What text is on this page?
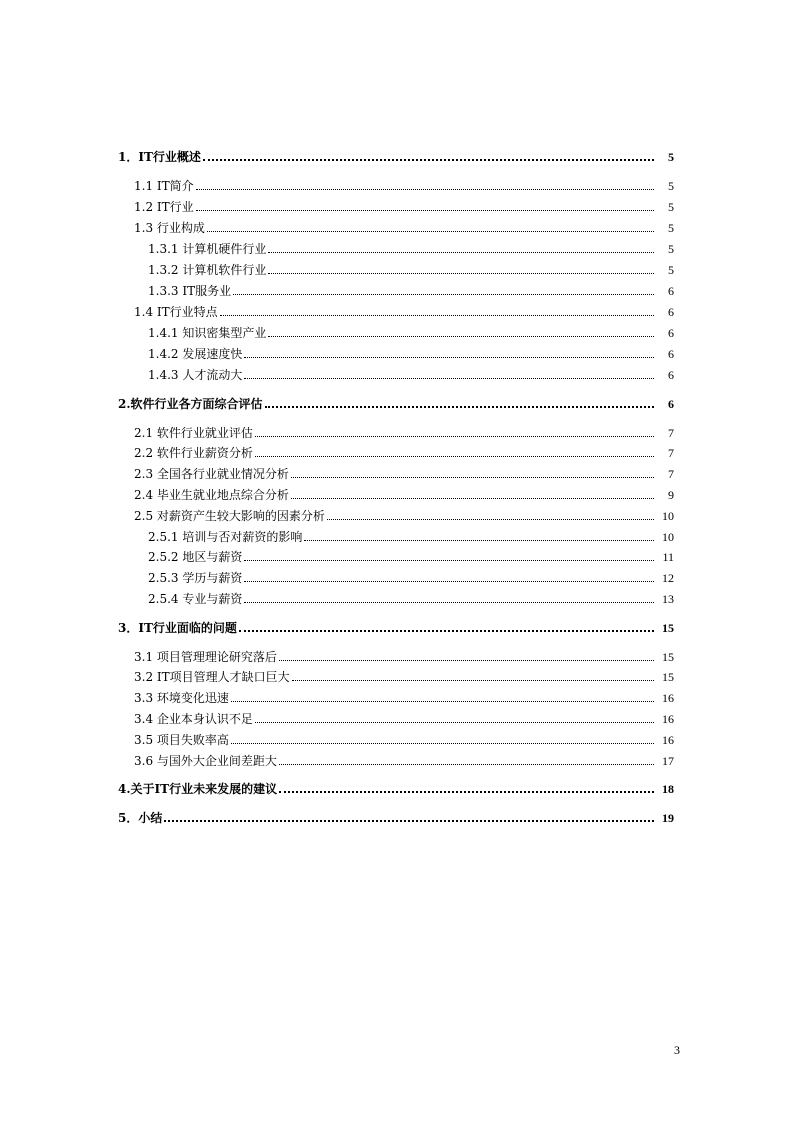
1．IT行业概述	5
1.1 IT简介	5
1.2 IT行业	5
1.3 行业构成	5
1.3.1 计算机硬件行业	5
1.3.2 计算机软件行业	5
1.3.3 IT服务业	6
1.4 IT行业特点	6
1.4.1 知识密集型产业	6
1.4.2 发展速度快	6
1.4.3 人才流动大	6
2.软件行业各方面综合评估	6
2.1 软件行业就业评估	7
2.2 软件行业薪资分析	7
2.3 全国各行业就业情况分析	7
2.4 毕业生就业地点综合分析	9
2.5 对薪资产生较大影响的因素分析	10
2.5.1 培训与否对薪资的影响	10
2.5.2 地区与薪资	11
2.5.3 学历与薪资	12
2.5.4 专业与薪资	13
3．IT行业面临的问题	15
3.1 项目管理理论研究落后	15
3.2 IT项目管理人才缺口巨大	15
3.3 环境变化迅速	16
3.4 企业本身认识不足	16
3.5 项目失败率高	16
3.6 与国外大企业间差距大	17
4.关于IT行业未来发展的建议	18
5．小结	19
3
